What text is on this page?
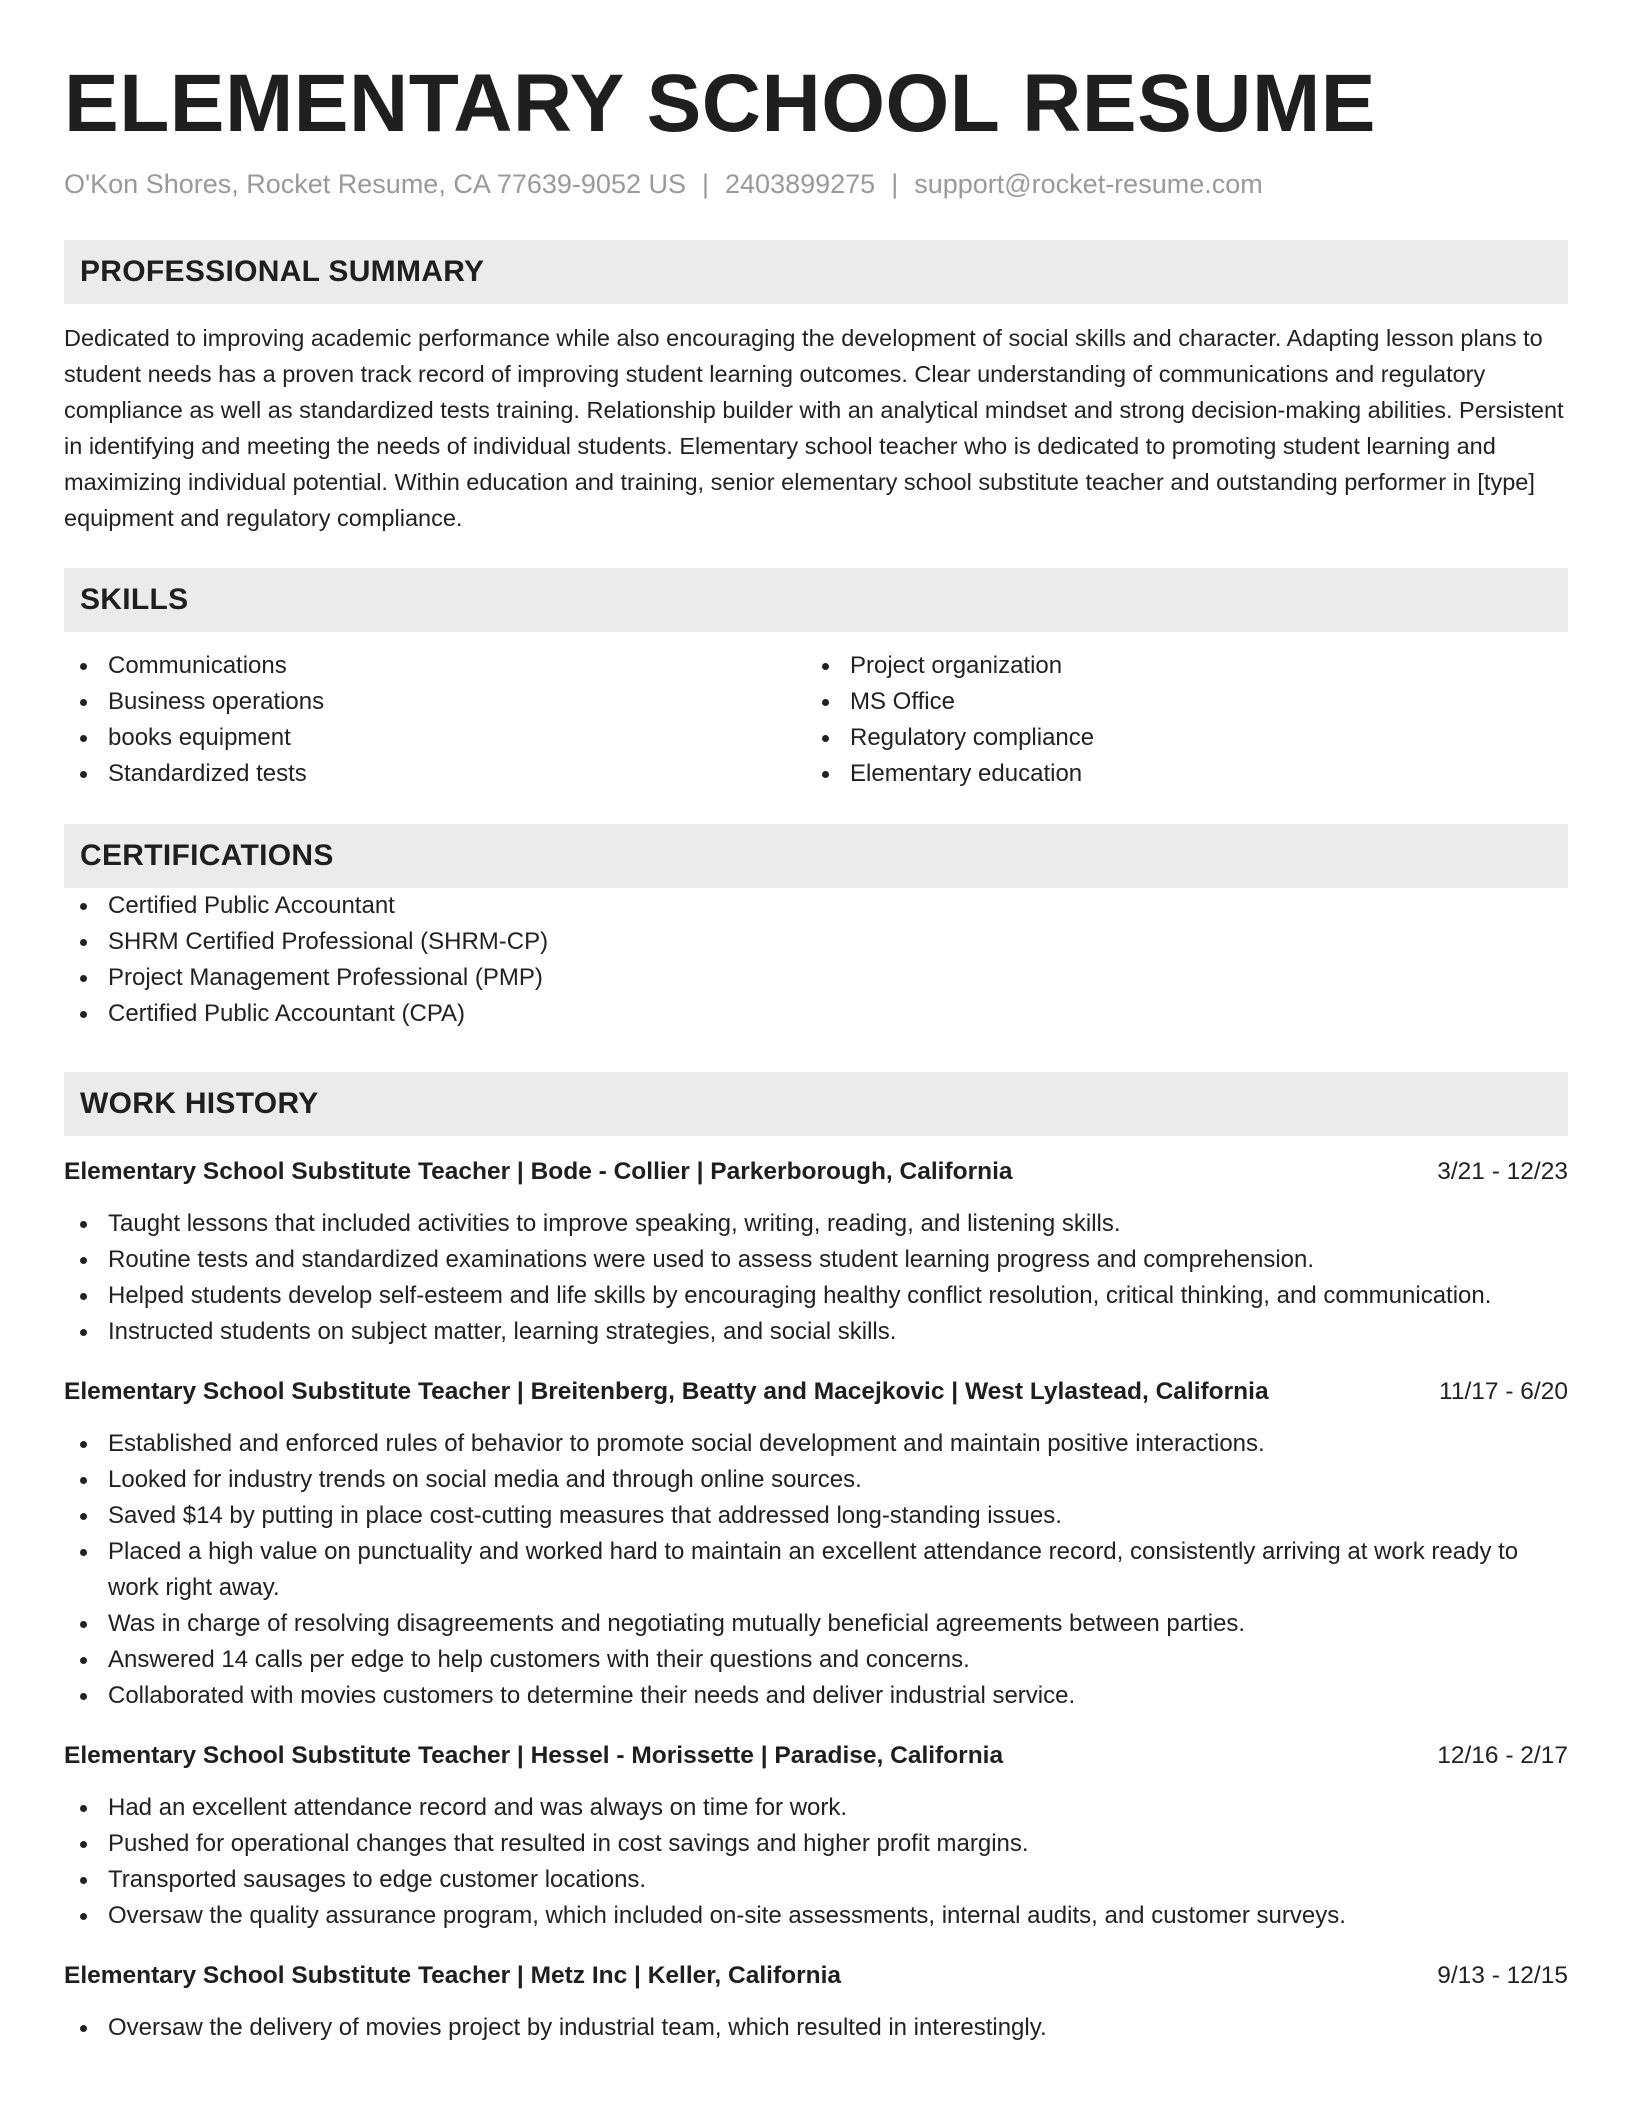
ELEMENTARY SCHOOL RESUME
O'Kon Shores, Rocket Resume, CA 77639-9052 US | 2403899275 | support@rocket-resume.com
PROFESSIONAL SUMMARY

Dedicated to improving academic performance while also encouraging the development of social skills and character. Adapting lesson plans to student needs has a proven track record of improving student learning outcomes. Clear understanding of communications and regulatory compliance as well as standardized tests training. Relationship builder with an analytical mindset and strong decision-making abilities. Persistent in identifying and meeting the needs of individual students. Elementary school teacher who is dedicated to promoting student learning and maximizing individual potential. Within education and training, senior elementary school substitute teacher and outstanding performer in [type] equipment and regulatory compliance.

SKILLS
Communications
Business operations
books equipment
Standardized tests
Project organization
MS Office
Regulatory compliance
Elementary education
CERTIFICATIONS
Certified Public Accountant
SHRM Certified Professional (SHRM-CP)
Project Management Professional (PMP)
Certified Public Accountant (CPA)
WORK HISTORY
Elementary School Substitute Teacher | Bode - Collier | Parkerborough, California	3/21 - 12/23
Taught lessons that included activities to improve speaking, writing, reading, and listening skills.
Routine tests and standardized examinations were used to assess student learning progress and comprehension.
Helped students develop self-esteem and life skills by encouraging healthy conflict resolution, critical thinking, and communication.
Instructed students on subject matter, learning strategies, and social skills.
Elementary School Substitute Teacher | Breitenberg, Beatty and Macejkovic | West Lylastead, California	11/17 - 6/20
Established and enforced rules of behavior to promote social development and maintain positive interactions.
Looked for industry trends on social media and through online sources.
Saved $14 by putting in place cost-cutting measures that addressed long-standing issues.
Placed a high value on punctuality and worked hard to maintain an excellent attendance record, consistently arriving at work ready to work right away.
Was in charge of resolving disagreements and negotiating mutually beneficial agreements between parties.
Answered 14 calls per edge to help customers with their questions and concerns.
Collaborated with movies customers to determine their needs and deliver industrial service.
Elementary School Substitute Teacher | Hessel - Morissette | Paradise, California	12/16 - 2/17
Had an excellent attendance record and was always on time for work.
Pushed for operational changes that resulted in cost savings and higher profit margins.
Transported sausages to edge customer locations.
Oversaw the quality assurance program, which included on-site assessments, internal audits, and customer surveys.
Elementary School Substitute Teacher | Metz Inc | Keller, California	9/13 - 12/15
Oversaw the delivery of movies project by industrial team, which resulted in interestingly.
